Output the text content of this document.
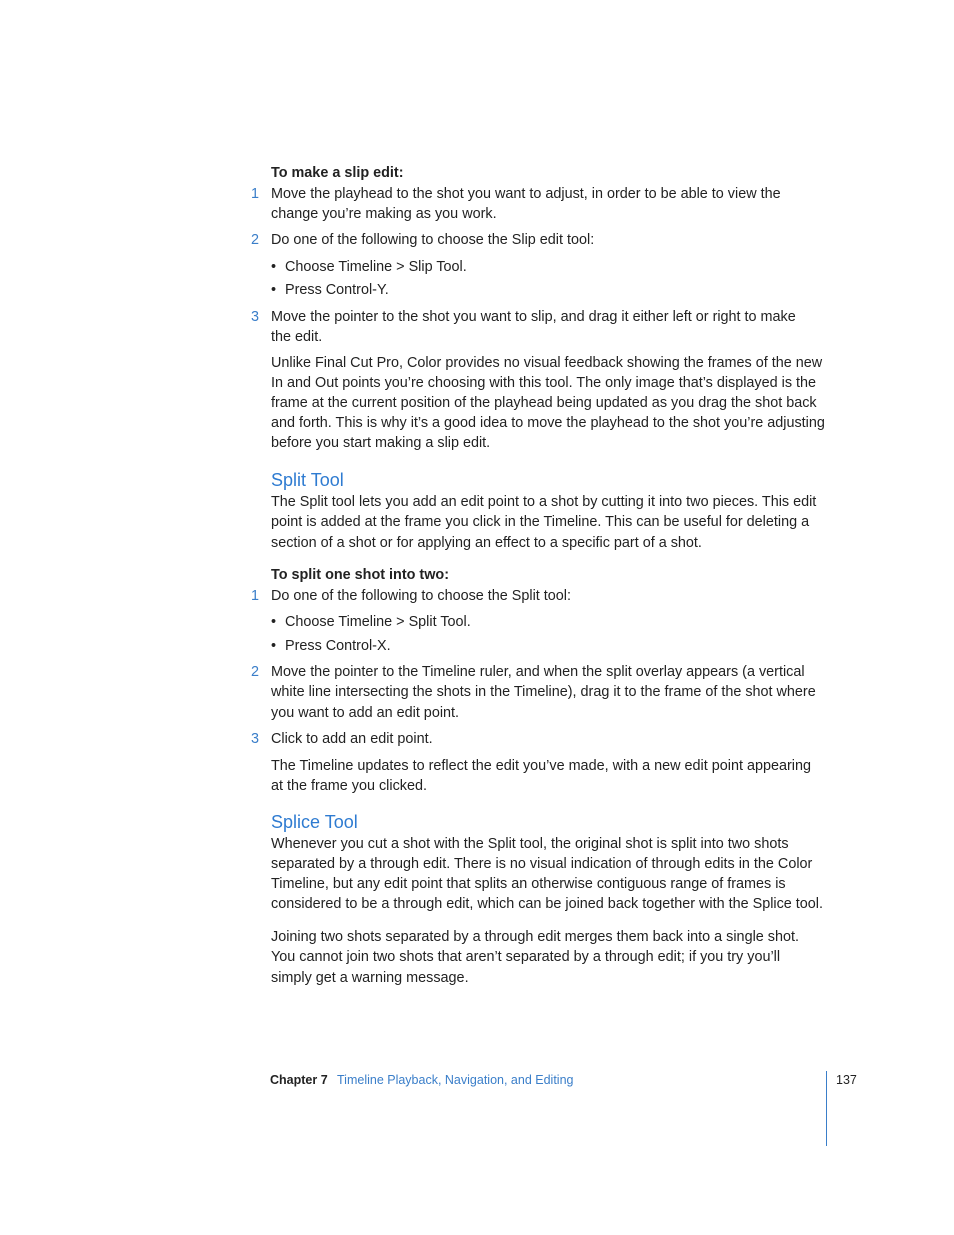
To make a slip edit:
1 Move the playhead to the shot you want to adjust, in order to be able to view the
change you’re making as you work.
2 Do one of the following to choose the Slip edit tool:
• Choose Timeline > Slip Tool.
• Press Control-Y.
3 Move the pointer to the shot you want to slip, and drag it either left or right to make
the edit.
Unlike Final Cut Pro, Color provides no visual feedback showing the frames of the new
In and Out points you’re choosing with this tool. The only image that’s displayed is the
frame at the current position of the playhead being updated as you drag the shot back
and forth. This is why it’s a good idea to move the playhead to the shot you’re adjusting
before you start making a slip edit.
Split Tool
The Split tool lets you add an edit point to a shot by cutting it into two pieces. This edit
point is added at the frame you click in the Timeline. This can be useful for deleting a
section of a shot or for applying an effect to a specific part of a shot.
To split one shot into two:
1 Do one of the following to choose the Split tool:
• Choose Timeline > Split Tool.
• Press Control-X.
2 Move the pointer to the Timeline ruler, and when the split overlay appears (a vertical
white line intersecting the shots in the Timeline), drag it to the frame of the shot where
you want to add an edit point.
3 Click to add an edit point.
The Timeline updates to reflect the edit you’ve made, with a new edit point appearing
at the frame you clicked.
Splice Tool
Whenever you cut a shot with the Split tool, the original shot is split into two shots
separated by a through edit. There is no visual indication of through edits in the Color
Timeline, but any edit point that splits an otherwise contiguous range of frames is
considered to be a through edit, which can be joined back together with the Splice tool.
Joining two shots separated by a through edit merges them back into a single shot.
You cannot join two shots that aren’t separated by a through edit; if you try you’ll
simply get a warning message.
Chapter 7 Timeline Playback, Navigation, and Editing	137
